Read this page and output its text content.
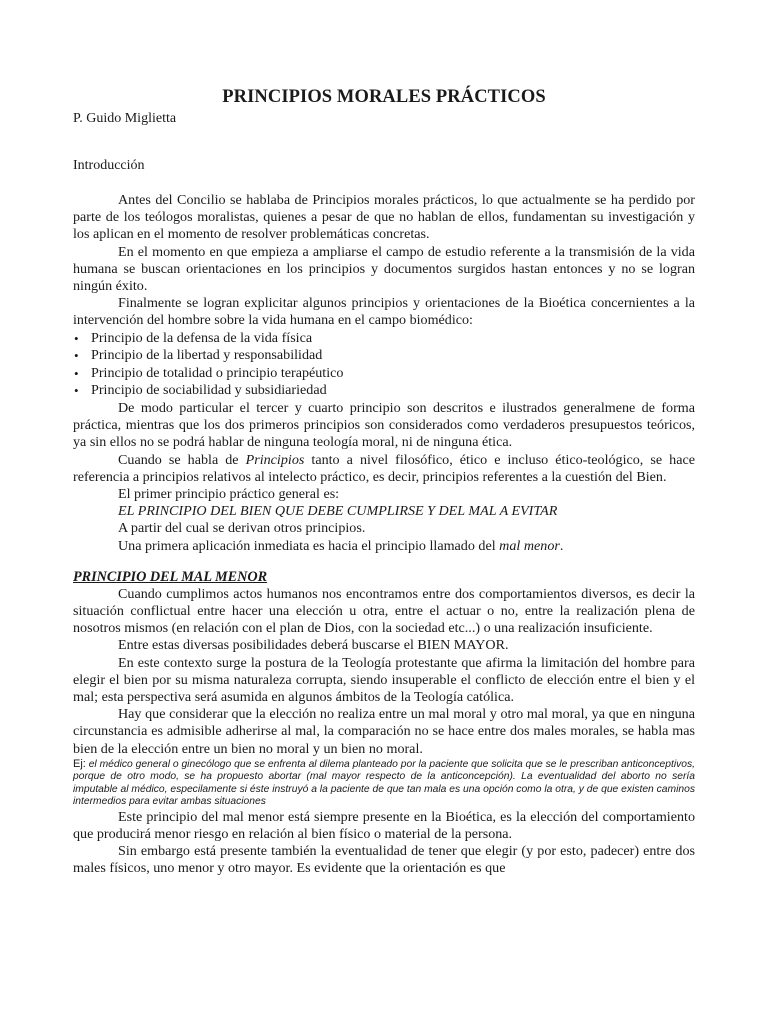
PRINCIPIOS MORALES PRÁCTICOS
P. Guido Miglietta
Introducción

Antes del Concilio se hablaba de Principios morales prácticos, lo que actualmente se ha perdido por parte de los teólogos moralistas, quienes a pesar de que no hablan de ellos, fundamentan su investigación y los aplican en el momento de resolver problemáticas concretas.

En el momento en que empieza a ampliarse el campo de estudio referente a la transmisión de la vida humana se buscan orientaciones en los principios y documentos surgidos hastan entonces y no se logran ningún éxito.

Finalmente se logran explicitar algunos principios y orientaciones de la Bioética concernientes a la intervención del hombre sobre la vida humana en el campo biomédico:

• Principio de la defensa de la vida física
• Principio de la libertad y responsabilidad
• Principio de totalidad o principio terapéutico
• Principio de sociabilidad y subsidiariedad

De modo particular el tercer y cuarto principio son descritos e ilustrados generalmene de forma práctica, mientras que los dos primeros principios son considerados como verdaderos presupuestos teóricos, ya sin ellos no se podrá hablar de ninguna teología moral, ni de ninguna ética.

Cuando se habla de Principios tanto a nivel filosófico, ético e incluso ético-teológico, se hace referencia a principios relativos al intelecto práctico, es decir, principios referentes a la cuestión del Bien.

El primer principio práctico general es:

EL PRINCIPIO DEL BIEN QUE DEBE CUMPLIRSE Y DEL MAL A EVITAR

A partir del cual se derivan otros principios.

Una primera aplicación inmediata es hacia el principio llamado del mal menor.

PRINCIPIO DEL MAL MENOR

Cuando cumplimos actos humanos nos encontramos entre dos comportamientos diversos, es decir la situación conflictual entre hacer una elección u otra, entre el actuar o no, entre la realización plena de nosotros mismos (en relación con el plan de Dios, con la sociedad etc...) o una realización insuficiente.

Entre estas diversas posibilidades deberá buscarse el BIEN MAYOR.

En este contexto surge la postura de la Teología protestante que afirma la limitación del hombre para elegir el bien por su misma naturaleza corrupta, siendo insuperable el conflicto de elección entre el bien y el mal; esta perspectiva será asumida en algunos ámbitos de la Teología católica.

Hay que considerar que la elección no realiza entre un mal moral y otro mal moral, ya que en ninguna circunstancia es admisible adherirse al mal, la comparación no se hace entre dos males morales, se habla mas bien de la elección entre un bien no moral y un bien no moral.

Ej: el médico general o ginecólogo que se enfrenta al dilema planteado por la paciente que solicita que se le prescriban anticonceptivos, porque de otro modo, se ha propuesto abortar (mal mayor respecto de la anticoncepción). La eventualidad del aborto no sería imputable al médico, especilamente si éste instruyó a la paciente de que tan mala es una opción como la otra, y de que existen caminos intermedios para evitar ambas situaciones

Este principio del mal menor está siempre presente en la Bioética, es la elección del comportamiento que producirá menor riesgo en relación al bien físico o material de la persona.

Sin embargo está presente también la eventualidad de tener que elegir (y por esto, padecer) entre dos males físicos, uno menor y otro mayor. Es evidente que la orientación es que
